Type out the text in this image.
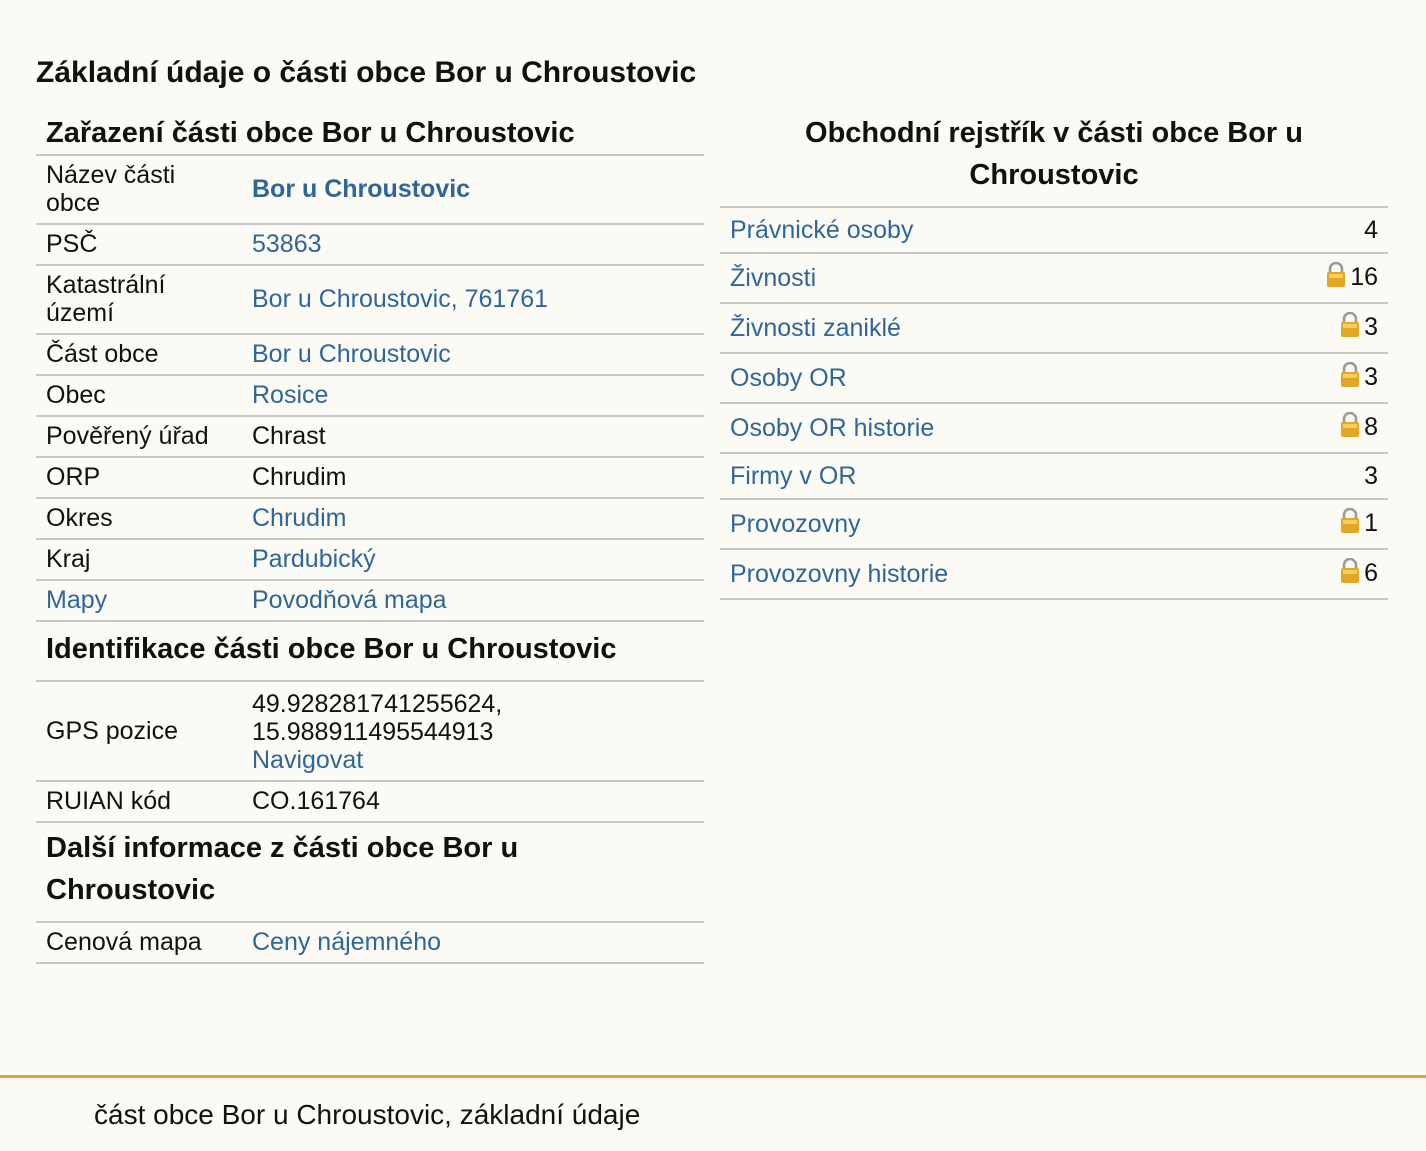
Základní údaje o části obce Bor u Chroustovic
Zařazení části obce Bor u Chroustovic
Název části obce	Bor u Chroustovic
PSČ	53863
Katastrální území	Bor u Chroustovic, 761761
Část obce	Bor u Chroustovic
Obec	Rosice
Pověřený úřad	Chrast
ORP	Chrudim
Okres	Chrudim
Kraj	Pardubický
Mapy	Povodňová mapa
Identifikace části obce Bor u Chroustovic
GPS pozice	49.928281741255624,
15.988911495544913
Navigovat
RUIAN kód	CO.161764
Další informace z části obce Bor u Chroustovic
Cenová mapa	Ceny nájemného
Obchodní rejstřík v části obce Bor u Chroustovic
Právnické osoby	4
Živnosti	16
Živnosti zaniklé	3
Osoby OR	3
Osoby OR historie	8
Firmy v OR	3
Provozovny	1
Provozovny historie	6
část obce Bor u Chroustovic, základní údaje
